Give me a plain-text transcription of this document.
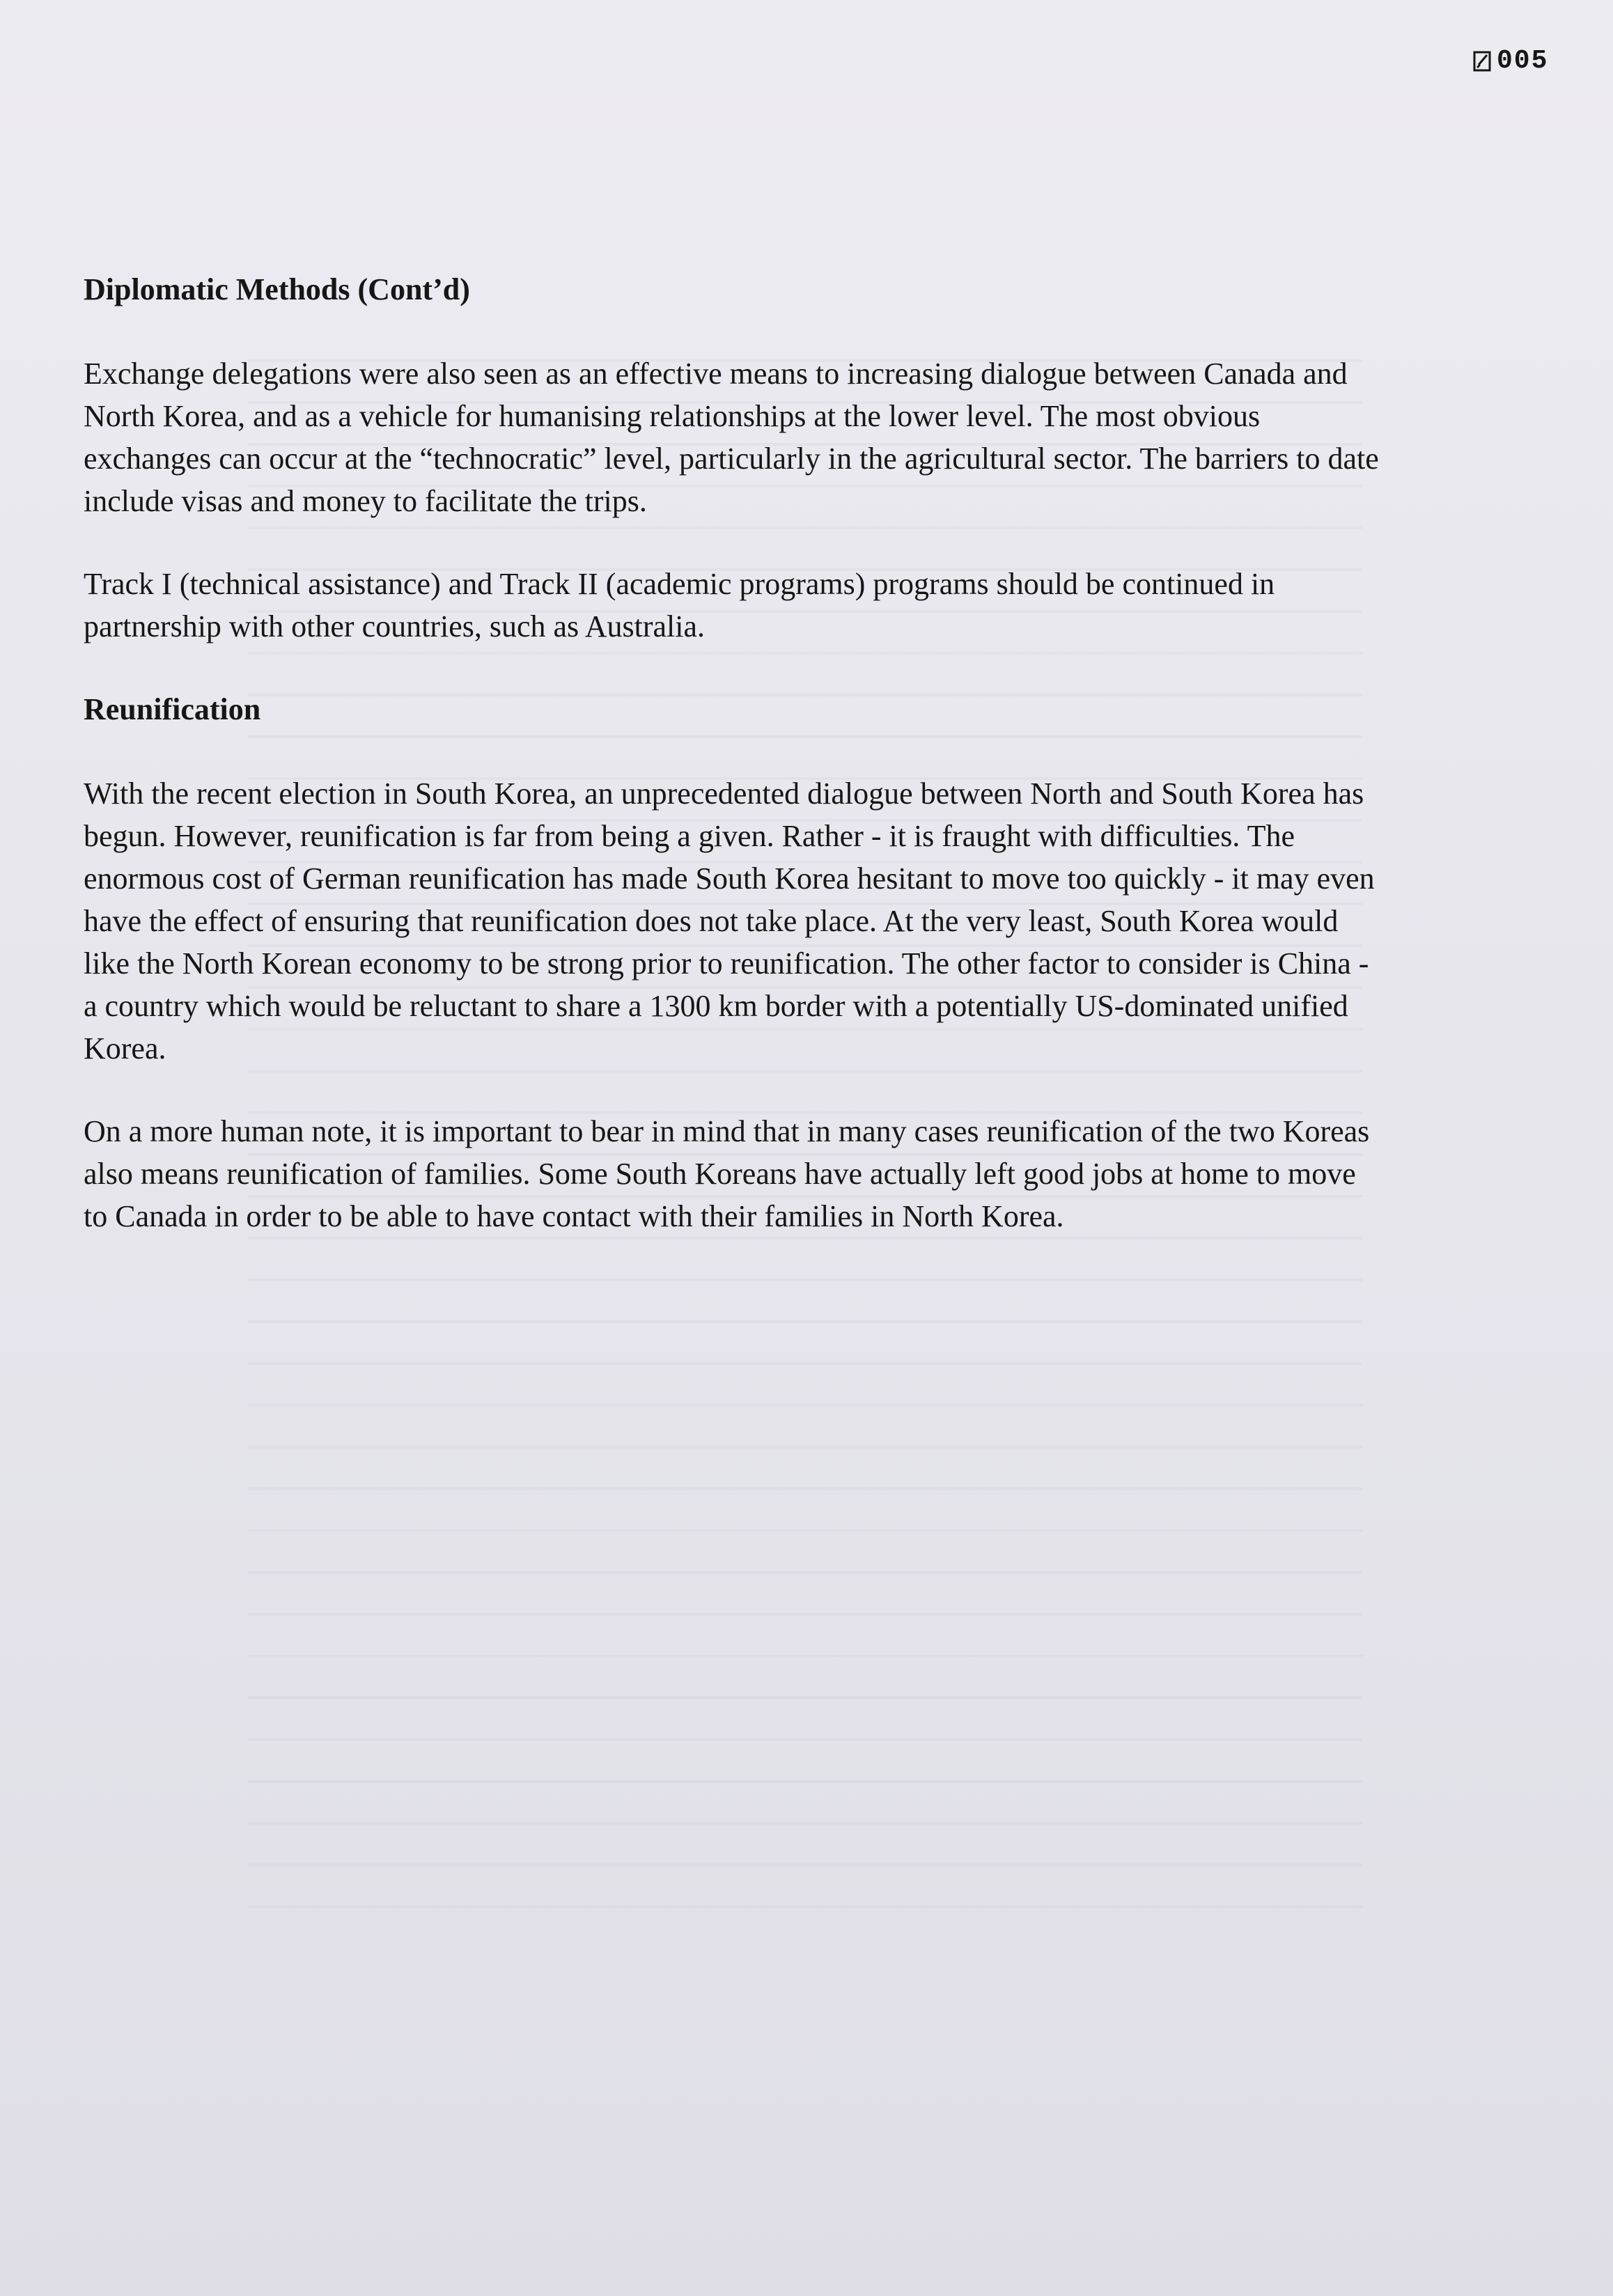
005
Diplomatic Methods (Cont’d)

Exchange delegations were also seen as an effective means to increasing dialogue between Canada and North Korea, and as a vehicle for humanising relationships at the lower level. The most obvious exchanges can occur at the “technocratic” level, particularly in the agricultural sector. The barriers to date include visas and money to facilitate the trips.

Track I (technical assistance) and Track II (academic programs) programs should be continued in partnership with other countries, such as Australia.

Reunification

With the recent election in South Korea, an unprecedented dialogue between North and South Korea has begun. However, reunification is far from being a given. Rather - it is fraught with difficulties. The enormous cost of German reunification has made South Korea hesitant to move too quickly - it may even have the effect of ensuring that reunification does not take place. At the very least, South Korea would like the North Korean economy to be strong prior to reunification. The other factor to consider is China - a country which would be reluctant to share a 1300 km border with a potentially US-dominated unified Korea.

On a more human note, it is important to bear in mind that in many cases reunification of the two Koreas also means reunification of families. Some South Koreans have actually left good jobs at home to move to Canada in order to be able to have contact with their families in North Korea.
